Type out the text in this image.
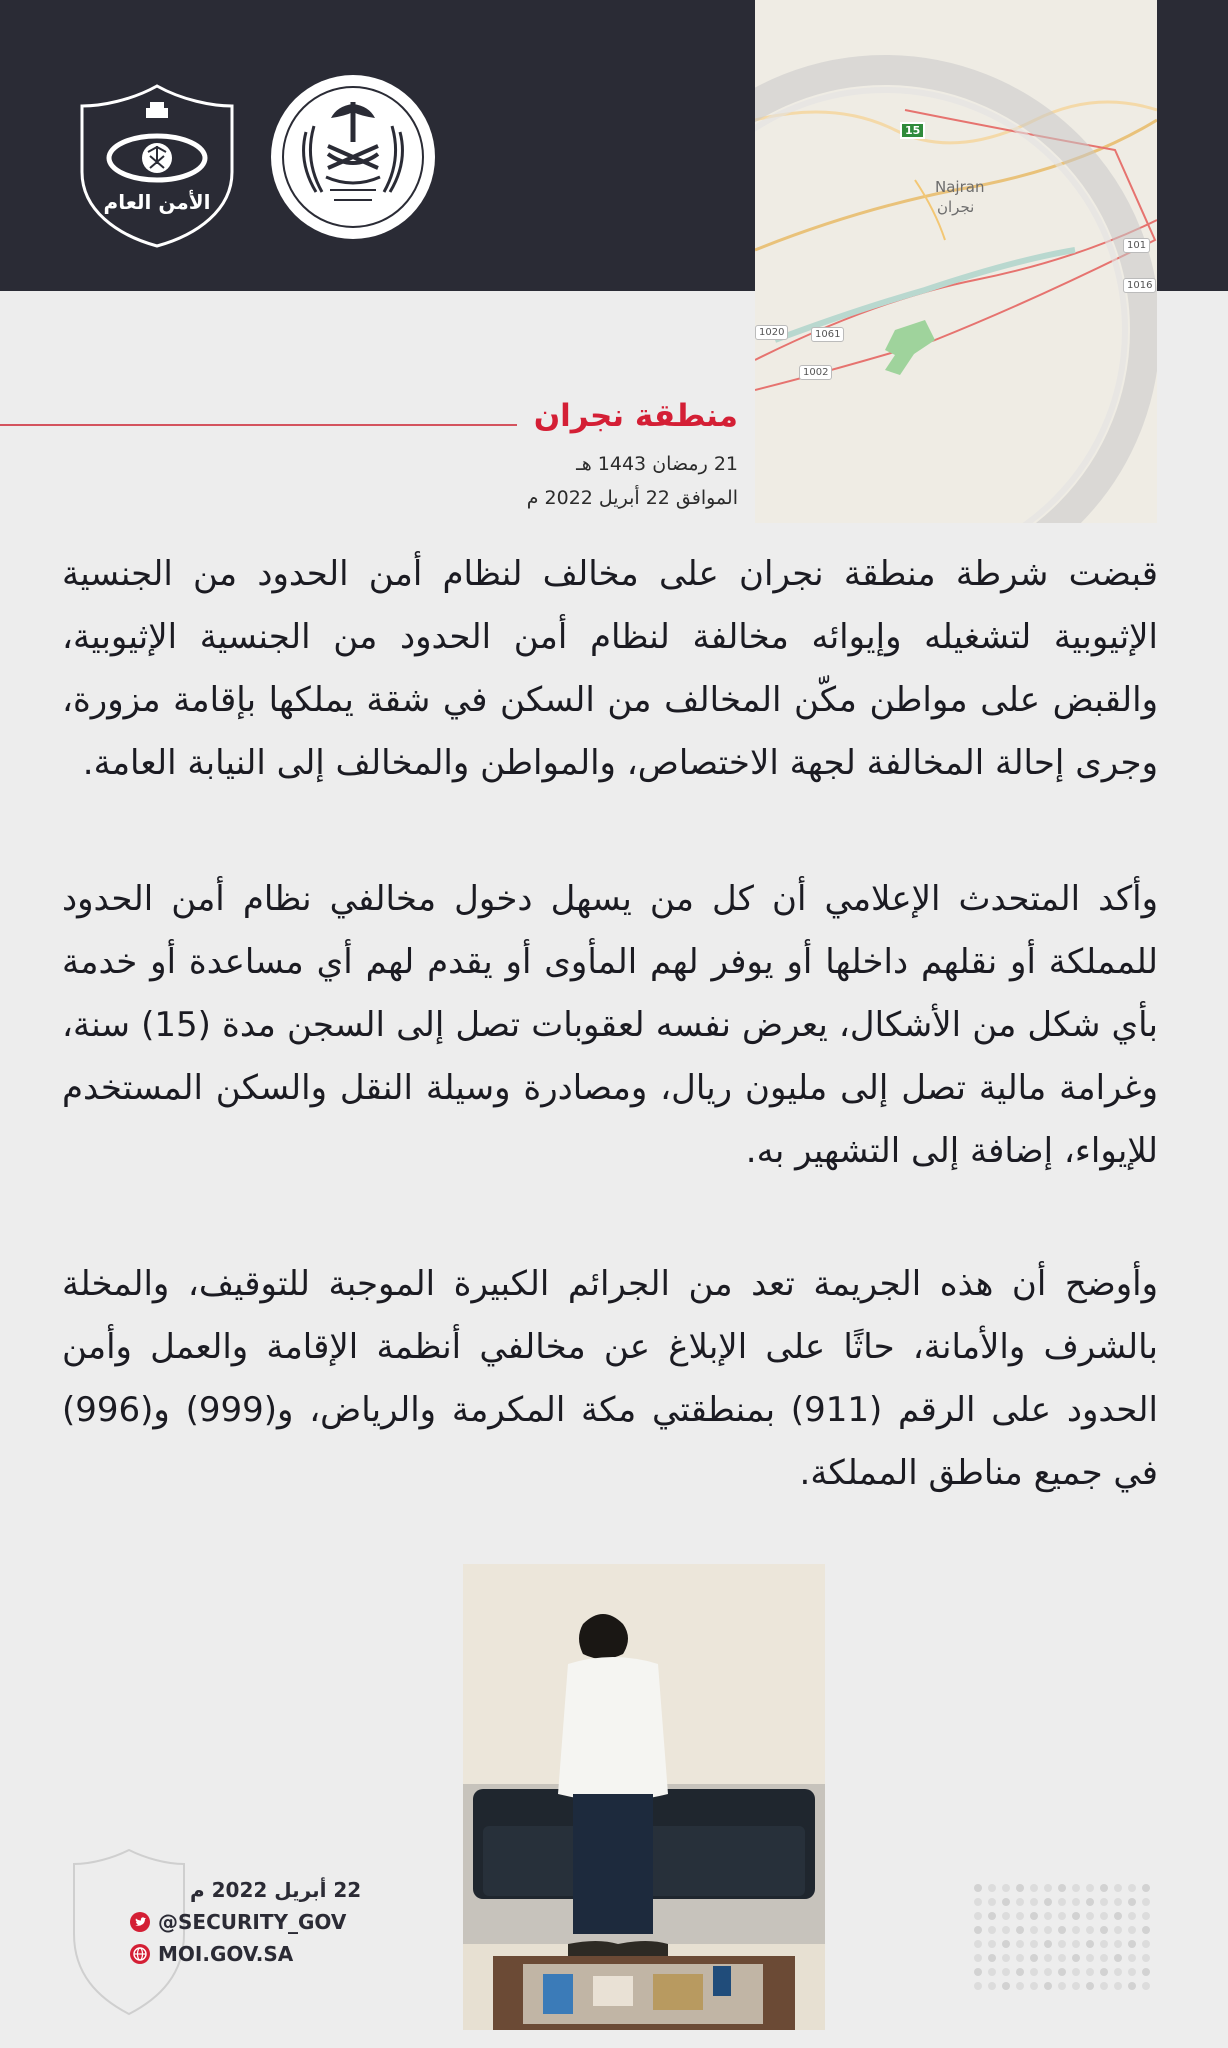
الأمن العام
15
Najran
نجران
1061
1002
1020
101
1016
منطقة نجران
21 رمضان 1443 هـ
الموافق 22 أبريل 2022 م

قبضت شرطة منطقة نجران على مخالف لنظام أمن الحدود من الجنسية الإثيوبية لتشغيله وإيوائه مخالفة لنظام أمن الحدود من الجنسية الإثيوبية، والقبض على مواطن مكّن المخالف من السكن في شقة يملكها بإقامة مزورة، وجرى إحالة المخالفة لجهة الاختصاص، والمواطن والمخالف إلى النيابة العامة.

وأكد المتحدث الإعلامي أن كل من يسهل دخول مخالفي نظام أمن الحدود للمملكة أو نقلهم داخلها أو يوفر لهم المأوى أو يقدم لهم أي مساعدة أو خدمة بأي شكل من الأشكال، يعرض نفسه لعقوبات تصل إلى السجن مدة (15) سنة، وغرامة مالية تصل إلى مليون ريال، ومصادرة وسيلة النقل والسكن المستخدم للإيواء، إضافة إلى التشهير به.

وأوضح أن هذه الجريمة تعد من الجرائم الكبيرة الموجبة للتوقيف، والمخلة بالشرف والأمانة، حاثًا على الإبلاغ عن مخالفي أنظمة الإقامة والعمل وأمن الحدود على الرقم (911) بمنطقتي مكة المكرمة والرياض، و(999) و(996) في جميع مناطق المملكة.

22 أبريل 2022 م
@SECURITY_GOV
MOI.GOV.SA
